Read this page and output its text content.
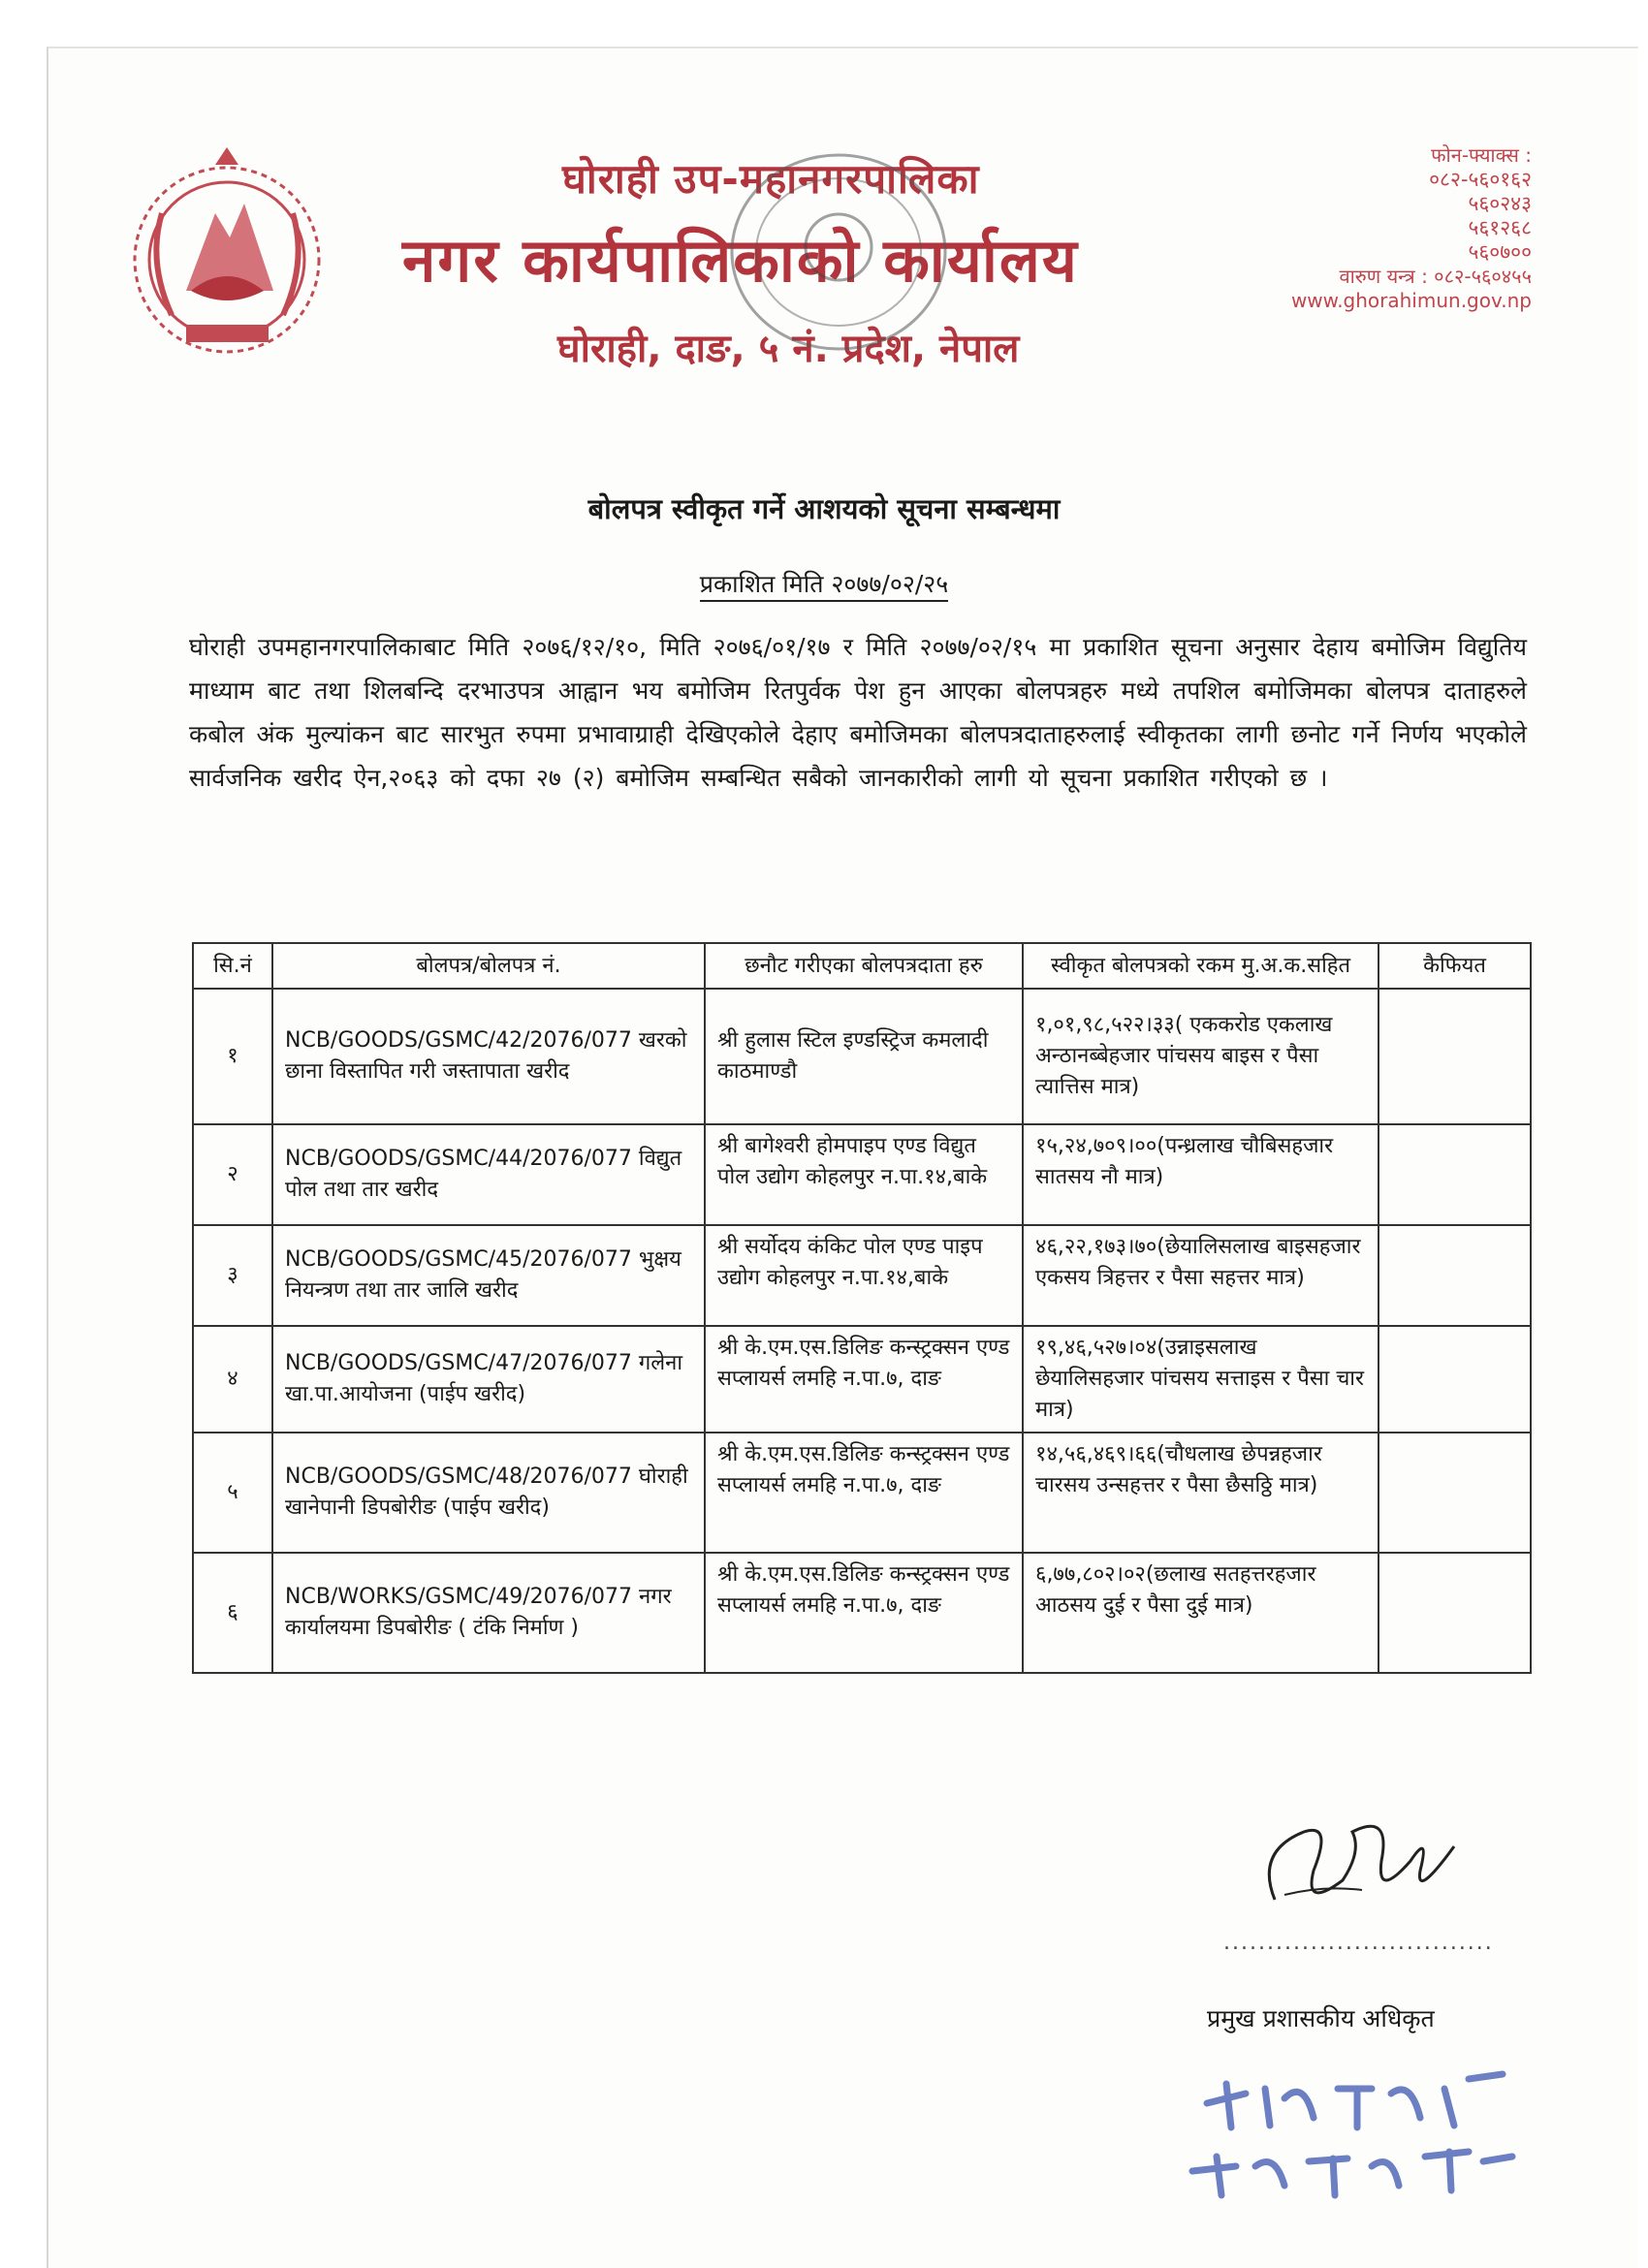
घोराही उप-महानगरपालिका
नगर कार्यपालिकाको कार्यालय
घोराही, दाङ, ५ नं. प्रदेश, नेपाल
फोन-फ्याक्स :
०८२-५६०१६२
५६०२४३
५६१२६८
५६०७००
वारुण यन्त्र : ०८२-५६०४५५
www.ghorahimun.gov.np
बोलपत्र स्वीकृत गर्ने आशयको सूचना सम्बन्धमा
प्रकाशित मिति २०७७/०२/२५
घोराही उपमहानगरपालिकाबाट मिति २०७६/१२/१०, मिति २०७६/०१/१७ र मिति २०७७/०२/१५ मा प्रकाशित सूचना अनुसार देहाय बमोजिम विद्युतिय माध्याम बाट तथा शिलबन्दि दरभाउपत्र आह्वान भय बमोजिम रितपुर्वक पेश हुन आएका बोलपत्रहरु मध्ये तपशिल बमोजिमका बोलपत्र दाताहरुले कबोल अंक मुल्यांकन बाट सारभुत रुपमा प्रभावाग्राही देखिएकोले देहाए बमोजिमका बोलपत्रदाताहरुलाई स्वीकृतका लागी छनोट गर्ने निर्णय भएकोले सार्वजनिक खरीद ऐन,२०६३ को दफा २७ (२) बमोजिम सम्बन्धित सबैको जानकारीको लागी यो सूचना प्रकाशित गरीएको छ ।
सि.नं	बोलपत्र/बोलपत्र नं.	छनौट गरीएका बोलपत्रदाता हरु	स्वीकृत बोलपत्रको रकम मु.अ.क.सहित	कैफियत
१	NCB/GOODS/GSMC/42/2076/077 खरको छाना विस्तापित गरी जस्तापाता खरीद	श्री हुलास स्टिल इण्डस्ट्रिज कमलादी काठमाण्डौ	१,०१,९८,५२२।३३( एककरोड एकलाख अन्ठानब्बेहजार पांचसय बाइस र पैसा त्यात्तिस मात्र)	
२	NCB/GOODS/GSMC/44/2076/077 विद्युत पोल तथा तार खरीद	श्री बागेश्वरी होमपाइप एण्ड विद्युत पोल उद्योग कोहलपुर न.पा.१४,बाके	१५,२४,७०९।००(पन्ध्रलाख चौबिसहजार सातसय नौ मात्र)	
३	NCB/GOODS/GSMC/45/2076/077 भुक्षय नियन्त्रण तथा तार जालि खरीद	श्री सर्योदय कंकिट पोल एण्ड पाइप उद्योग कोहलपुर न.पा.१४,बाके	४६,२२,१७३।७०(छेयालिसलाख बाइसहजार एकसय त्रिहत्तर र पैसा सहत्तर मात्र)	
४	NCB/GOODS/GSMC/47/2076/077 गलेना खा.पा.आयोजना (पाईप खरीद)	श्री के.एम.एस.डिलिङ कन्स्ट्रक्सन एण्ड सप्लायर्स लमहि न.पा.७, दाङ	१९,४६,५२७।०४(उन्नाइसलाख छेयालिसहजार पांचसय सत्ताइस र पैसा चार मात्र)	
५	NCB/GOODS/GSMC/48/2076/077 घोराही खानेपानी डिपबोरीङ (पाईप खरीद)	श्री के.एम.एस.डिलिङ कन्स्ट्रक्सन एण्ड सप्लायर्स लमहि न.पा.७, दाङ	१४,५६,४६९।६६(चौधलाख छेपन्नहजार चारसय उन्सहत्तर र पैसा छैसठ्ठि मात्र)	
६	NCB/WORKS/GSMC/49/2076/077 नगर कार्यालयमा डिपबोरीङ ( टंकि निर्माण )	श्री के.एम.एस.डिलिङ कन्स्ट्रक्सन एण्ड सप्लायर्स लमहि न.पा.७, दाङ	६,७७,८०२।०२(छलाख सतहत्तरहजार आठसय दुई र पैसा दुई मात्र)	
...............................
प्रमुख प्रशासकीय अधिकृत
